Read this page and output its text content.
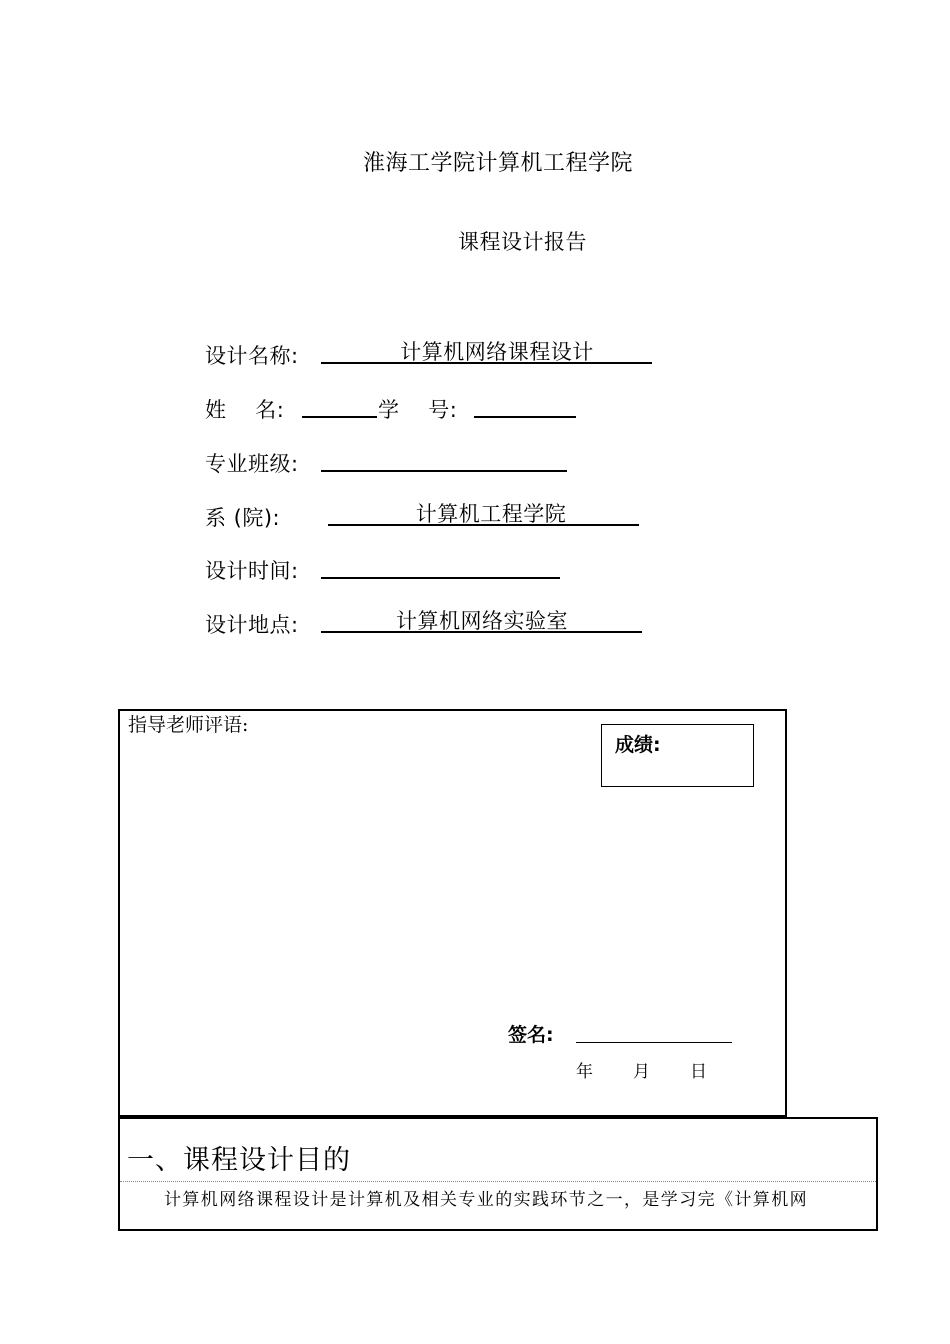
淮海工学院计算机工程学院
课程设计报告
设计名称:	计算机网络课程设计
姓    名:	学    号:
专业班级:
系 (院):	计算机工程学院
设计时间:
设计地点:	计算机网络实验室
指导老师评语:
成绩:
签名:
年 月 日
一、课程设计目的
计算机网络课程设计是计算机及相关专业的实践环节之一，是学习完《计算机网
